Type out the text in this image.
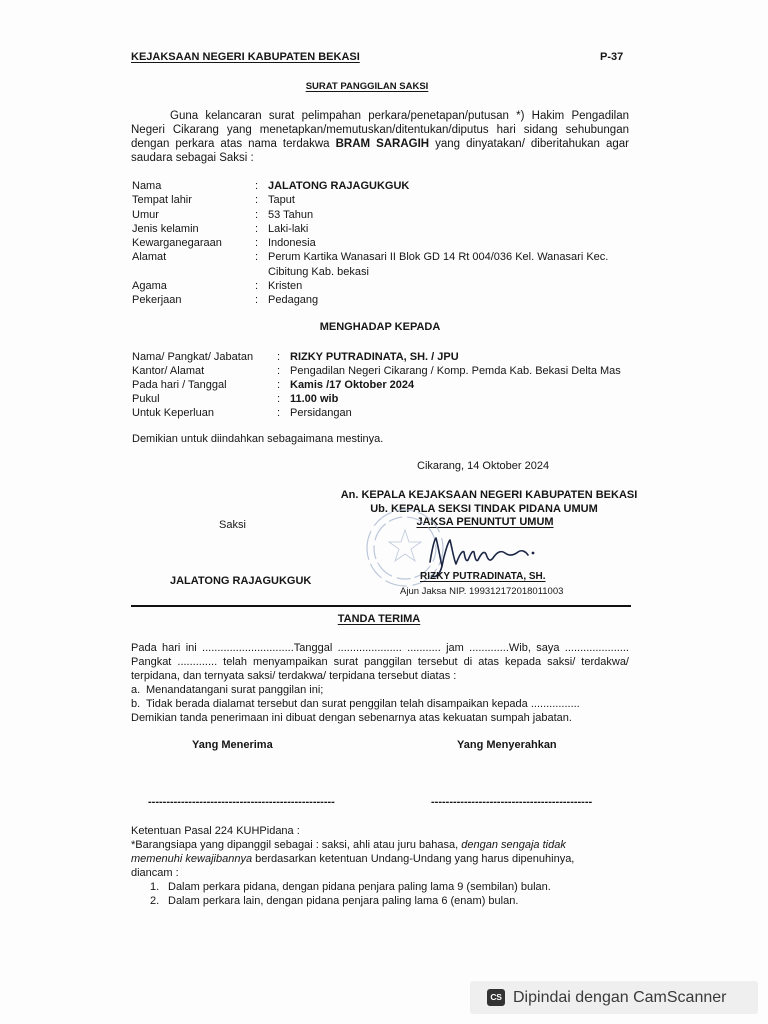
KEJAKSAAN NEGERI KABUPATEN BEKASI	P-37
SURAT PANGGILAN SAKSI
Guna kelancaran surat pelimpahan perkara/penetapan/putusan *) Hakim Pengadilan Negeri Cikarang yang menetapkan/memutuskan/ditentukan/diputus hari sidang sehubungan dengan perkara atas nama terdakwa BRAM SARAGIH yang dinyatakan/ diberitahukan agar saudara sebagai Saksi :
Nama	: JALATONG RAJAGUKGUK
Tempat lahir	: Taput
Umur	: 53 Tahun
Jenis kelamin	: Laki-laki
Kewarganegaraan	: Indonesia
Alamat	: Perum Kartika Wanasari II Blok GD 14 Rt 004/036 Kel. Wanasari Kec.
Cibitung Kab. bekasi
Agama	: Kristen
Pekerjaan	: Pedagang
MENGHADAP KEPADA
Nama/ Pangkat/ Jabatan	: RIZKY PUTRADINATA, SH. / JPU
Kantor/ Alamat	: Pengadilan Negeri Cikarang / Komp. Pemda Kab. Bekasi Delta Mas
Pada hari / Tanggal	: Kamis /17 Oktober 2024
Pukul	: 11.00 wib
Untuk Keperluan	: Persidangan
Demikian untuk diindahkan sebagaimana mestinya.
Cikarang, 14 Oktober 2024
An. KEPALA KEJAKSAAN NEGERI KABUPATEN BEKASI
Ub. KEPALA SEKSI TINDAK PIDANA UMUM
JAKSA PENUNTUT UMUM
Saksi
JALATONG RAJAGUKGUK	RIZKY PUTRADINATA, SH.
Ajun Jaksa NIP. 199312172018011003
TANDA TERIMA
Pada hari ini ..............................Tanggal ..................... ........... jam .............Wib, saya .....................
Pangkat ............. telah menyampaikan surat panggilan tersebut di atas kepada saksi/ terdakwa/
terpidana, dan ternyata saksi/ terdakwa/ terpidana tersebut diatas :
a. Menandatangani surat panggilan ini;
b. Tidak berada dialamat tersebut dan surat penggilan telah disampaikan kepada ................
Demikian tanda penerimaan ini dibuat dengan sebenarnya atas kekuatan sumpah jabatan.
Yang Menerima	Yang Menyerahkan
---------------------------------------------------	--------------------------------------------
Ketentuan Pasal 224 KUHPidana :
*Barangsiapa yang dipanggil sebagai : saksi, ahli atau juru bahasa, dengan sengaja tidak
memenuhi kewajibannya berdasarkan ketentuan Undang-Undang yang harus dipenuhinya,
diancam :
1. Dalam perkara pidana, dengan pidana penjara paling lama 9 (sembilan) bulan.
2. Dalam perkara lain, dengan pidana penjara paling lama 6 (enam) bulan.
CS Dipindai dengan CamScanner
